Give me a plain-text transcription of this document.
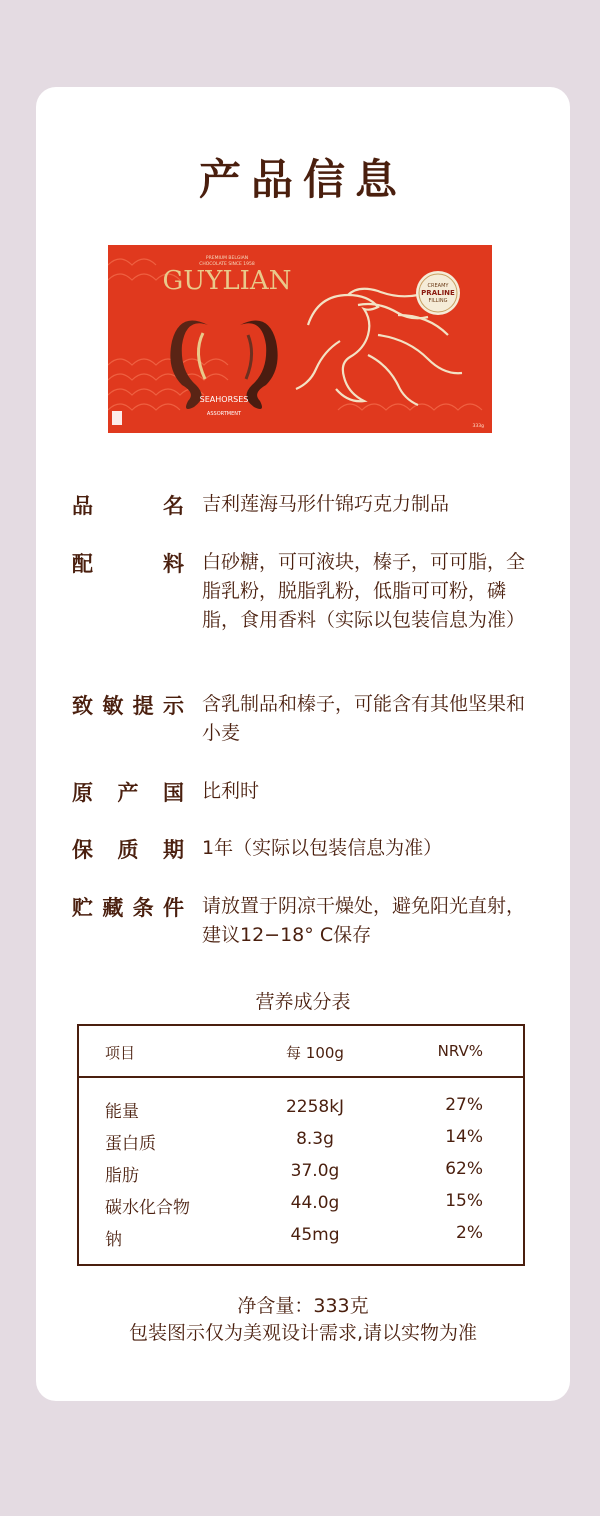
产品信息
PREMIUM BELGIAN
CHOCOLATE SINCE 1958
GUYLIAN
SEAHORSES
ASSORTMENT
CREAMY
PRALINE
FILLING
333g
品名 吉利莲海马形什锦巧克力制品
配料 白砂糖，可可液块，榛子，可可脂，全脂乳粉，脱脂乳粉，低脂可可粉，磷脂，食用香料（实际以包装信息为准）
致敏提示 含乳制品和榛子，可能含有其他坚果和小麦
原产国 比利时
保质期 1年（实际以包装信息为准）
贮藏条件 请放置于阴凉干燥处，避免阳光直射，建议12−18° C保存
营养成分表
项目	每 100g	NRV%
能量	2258kJ	27%
蛋白质	8.3g	14%
脂肪	37.0g	62%
碳水化合物	44.0g	15%
钠	45mg	2%
净含量：333克
包装图示仅为美观设计需求,请以实物为准
